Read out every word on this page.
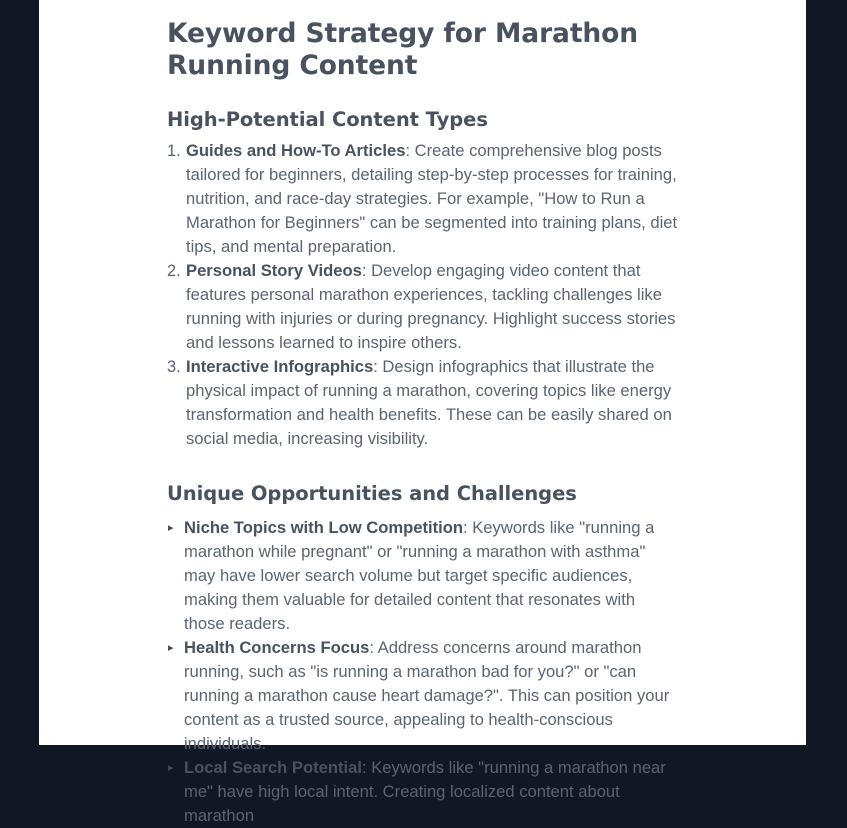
Keyword Strategy for Marathon Running Content
High-Potential Content Types
1. Guides and How-To Articles: Create comprehensive blog posts tailored for beginners, detailing step-by-step processes for training, nutrition, and race-day strategies. For example, "How to Run a Marathon for Beginners" can be segmented into training plans, diet tips, and mental preparation.
2. Personal Story Videos: Develop engaging video content that features personal marathon experiences, tackling challenges like running with injuries or during pregnancy. Highlight success stories and lessons learned to inspire others.
3. Interactive Infographics: Design infographics that illustrate the physical impact of running a marathon, covering topics like energy transformation and health benefits. These can be easily shared on social media, increasing visibility.
Unique Opportunities and Challenges
▸ Niche Topics with Low Competition: Keywords like "running a marathon while pregnant" or "running a marathon with asthma" may have lower search volume but target specific audiences, making them valuable for detailed content that resonates with those readers.
▸ Health Concerns Focus: Address concerns around marathon running, such as "is running a marathon bad for you?" or "can running a marathon cause heart damage?". This can position your content as a trusted source, appealing to health-conscious individuals.
▸ Local Search Potential: Keywords like "running a marathon near me" have high local intent. Creating localized content about marathon
